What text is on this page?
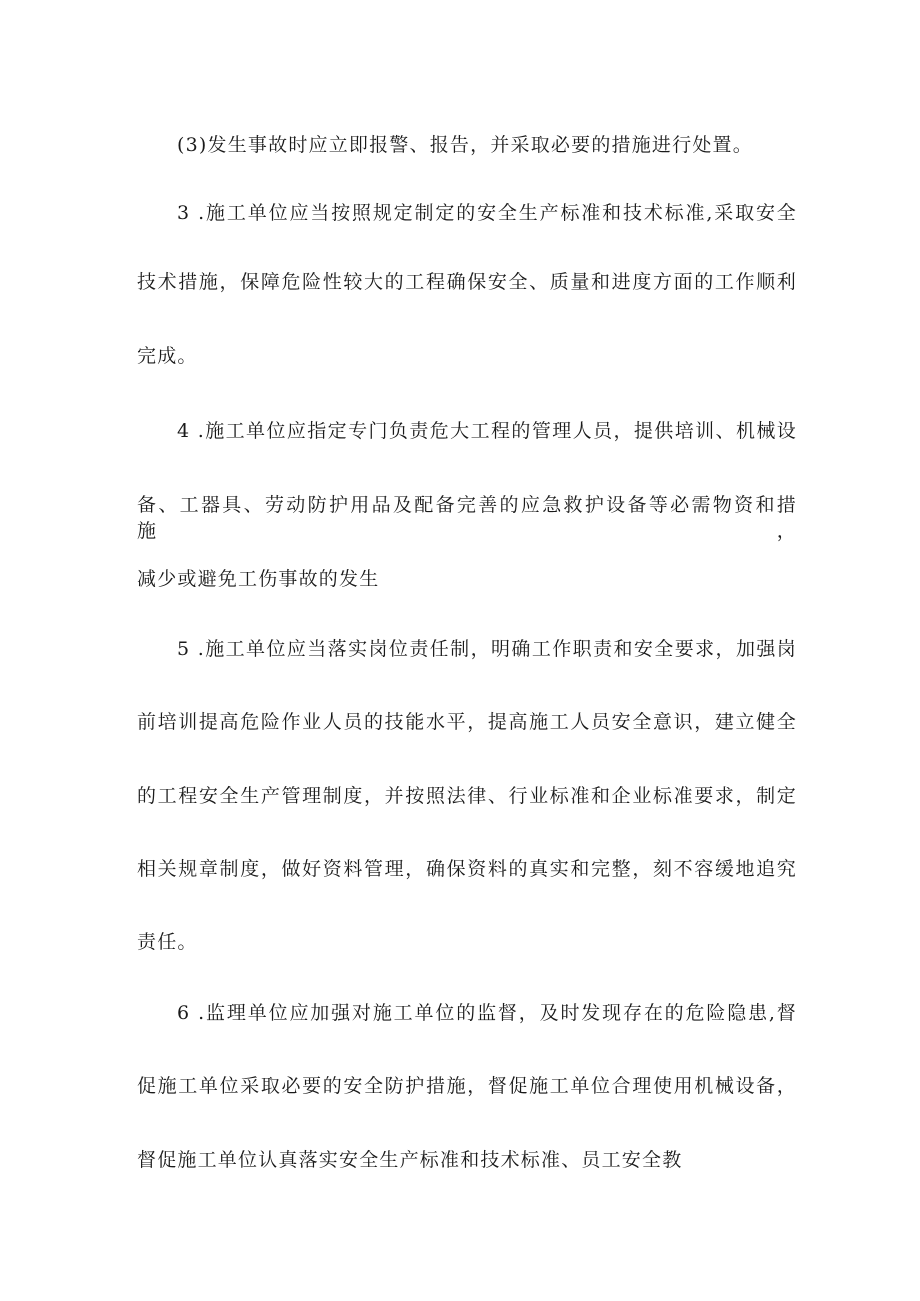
(3)发生事故时应立即报警、报告，并采取必要的措施进行处置。
3 .施工单位应当按照规定制定的安全生产标准和技术标准,采取安全
技术措施，保障危险性较大的工程确保安全、质量和进度方面的工作顺利
完成。
4 .施工单位应指定专门负责危大工程的管理人员，提供培训、机械设
备、工器具、劳动防护用品及配备完善的应急救护设备等必需物资和措施，
减少或避免工伤事故的发生
5 .施工单位应当落实岗位责任制，明确工作职责和安全要求，加强岗
前培训提高危险作业人员的技能水平，提高施工人员安全意识，建立健全
的工程安全生产管理制度，并按照法律、行业标准和企业标准要求，制定
相关规章制度，做好资料管理，确保资料的真实和完整，刻不容缓地追究
责任。
6 .监理单位应加强对施工单位的监督，及时发现存在的危险隐患,督
促施工单位采取必要的安全防护措施，督促施工单位合理使用机械设备，
督促施工单位认真落实安全生产标准和技术标准、员工安全教
